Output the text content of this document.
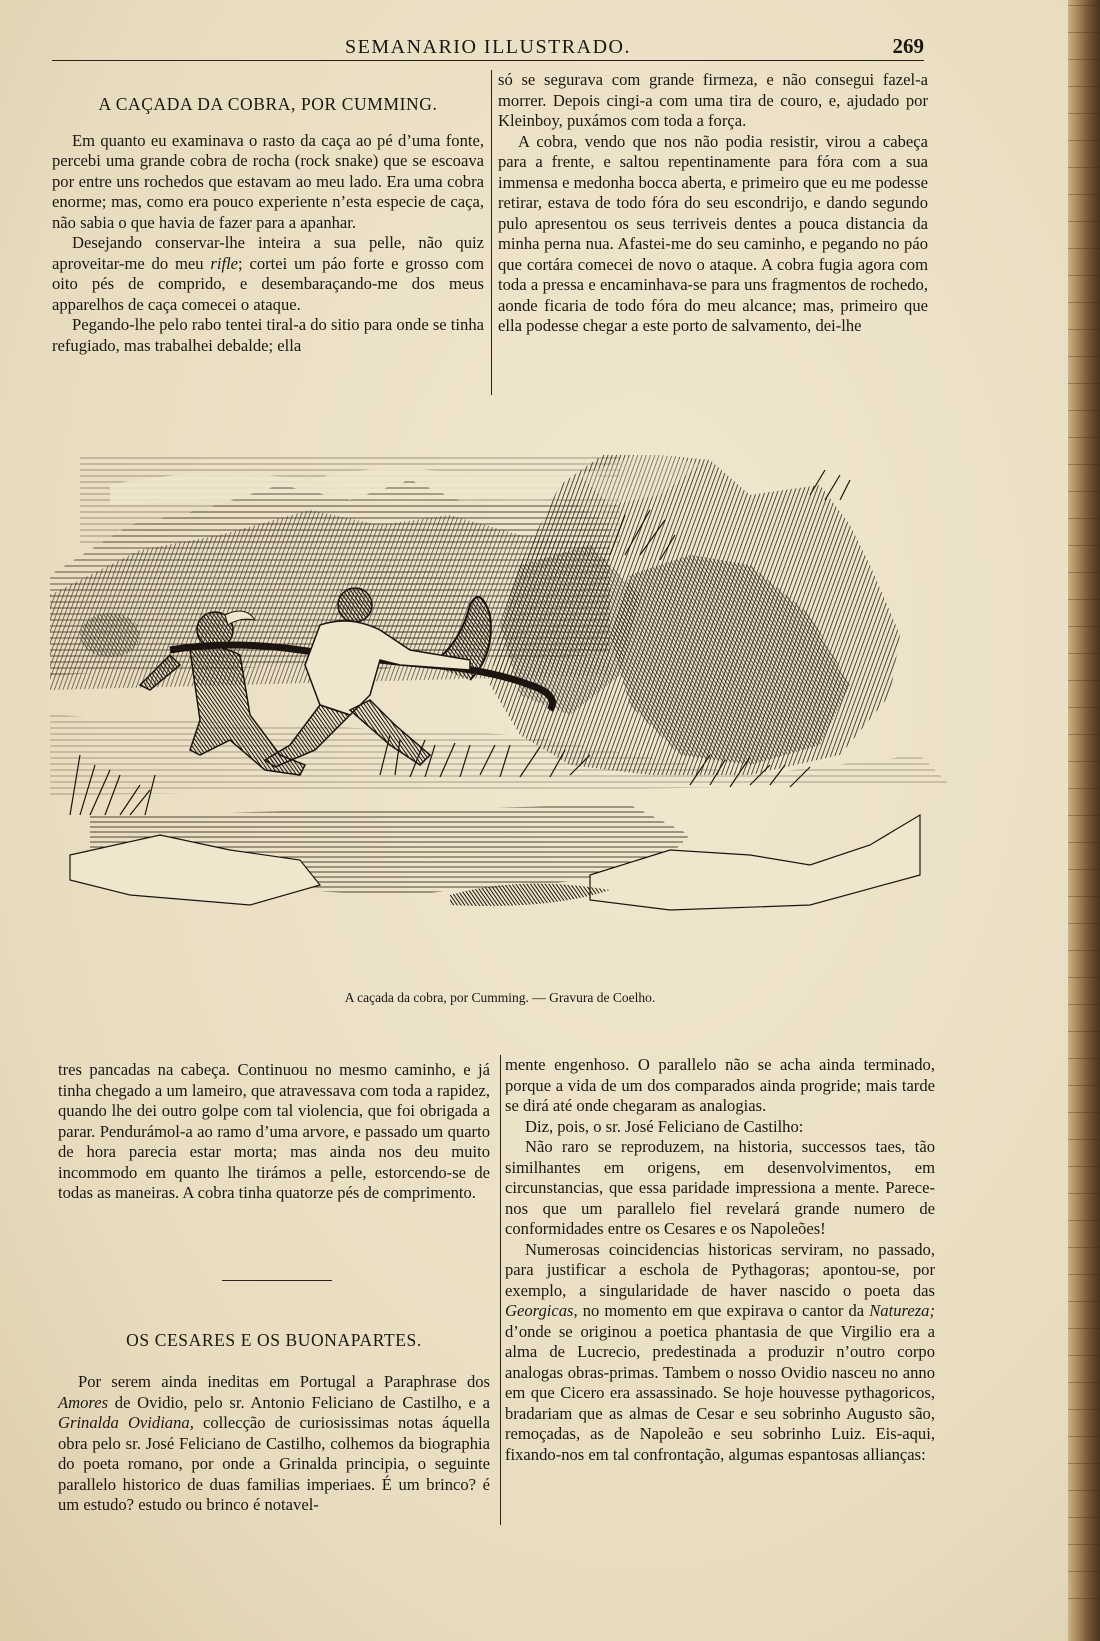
SEMANARIO ILLUSTRADO.	269
A CAÇADA DA COBRA, POR CUMMING.

Em quanto eu examinava o rasto da caça ao pé d’uma fonte, percebi uma grande cobra de rocha (rock snake) que se escoava por entre uns rochedos que estavam ao meu lado. Era uma cobra enorme; mas, como era pouco experiente n’esta especie de caça, não sabia o que havia de fazer para a apanhar.

Desejando conservar-lhe inteira a sua pelle, não quiz aproveitar-me do meu rifle; cortei um páo forte e grosso com oito pés de comprido, e desembaraçando-me dos meus apparelhos de caça comecei o ataque.

Pegando-lhe pelo rabo tentei tiral-a do sitio para onde se tinha refugiado, mas trabalhei debalde; ella

só se segurava com grande firmeza, e não consegui fazel-a morrer. Depois cingi-a com uma tira de couro, e, ajudado por Kleinboy, puxámos com toda a força.

A cobra, vendo que nos não podia resistir, virou a cabeça para a frente, e saltou repentinamente para fóra com a sua immensa e medonha bocca aberta, e primeiro que eu me podesse retirar, estava de todo fóra do seu escondrijo, e dando segundo pulo apresentou os seus terriveis dentes a pouca distancia da minha perna nua. Afastei-me do seu caminho, e pegando no páo que cortára comecei de novo o ataque. A cobra fugia agora com toda a pressa e encaminhava-se para uns fragmentos de rochedo, aonde ficaria de todo fóra do meu alcance; mas, primeiro que ella podesse chegar a este porto de salvamento, dei-lhe

A caçada da cobra, por Cumming. — Gravura de Coelho.

tres pancadas na cabeça. Continuou no mesmo caminho, e já tinha chegado a um lameiro, que atravessava com toda a rapidez, quando lhe dei outro golpe com tal violencia, que foi obrigada a parar. Pendurámol-a ao ramo d’uma arvore, e passado um quarto de hora parecia estar morta; mas ainda nos deu muito incommodo em quanto lhe tirámos a pelle, estorcendo-se de todas as maneiras. A cobra tinha quatorze pés de comprimento.

OS CESARES E OS BUONAPARTES.

Por serem ainda ineditas em Portugal a Paraphrase dos Amores de Ovidio, pelo sr. Antonio Feliciano de Castilho, e a Grinalda Ovidiana, collecção de curiosissimas notas áquella obra pelo sr. José Feliciano de Castilho, colhemos da biographia do poeta romano, por onde a Grinalda principia, o seguinte parallelo historico de duas familias imperiaes. É um brinco? é um estudo? estudo ou brinco é notavel-

mente engenhoso. O parallelo não se acha ainda terminado, porque a vida de um dos comparados ainda progride; mais tarde se dirá até onde chegaram as analogias.

Diz, pois, o sr. José Feliciano de Castilho:

Não raro se reproduzem, na historia, successos taes, tão similhantes em origens, em desenvolvimentos, em circunstancias, que essa paridade impressiona a mente. Parece-nos que um parallelo fiel revelará grande numero de conformidades entre os Cesares e os Napoleões!

Numerosas coincidencias historicas serviram, no passado, para justificar a eschola de Pythagoras; apontou-se, por exemplo, a singularidade de haver nascido o poeta das Georgicas, no momento em que expirava o cantor da Natureza; d’onde se originou a poetica phantasia de que Virgilio era a alma de Lucrecio, predestinada a produzir n’outro corpo analogas obras-primas. Tambem o nosso Ovidio nasceu no anno em que Cicero era assassinado. Se hoje houvesse pythagoricos, bradariam que as almas de Cesar e seu sobrinho Augusto são, remoçadas, as de Napoleão e seu sobrinho Luiz. Eis-aqui, fixando-nos em tal confrontação, algumas espantosas allianças:
